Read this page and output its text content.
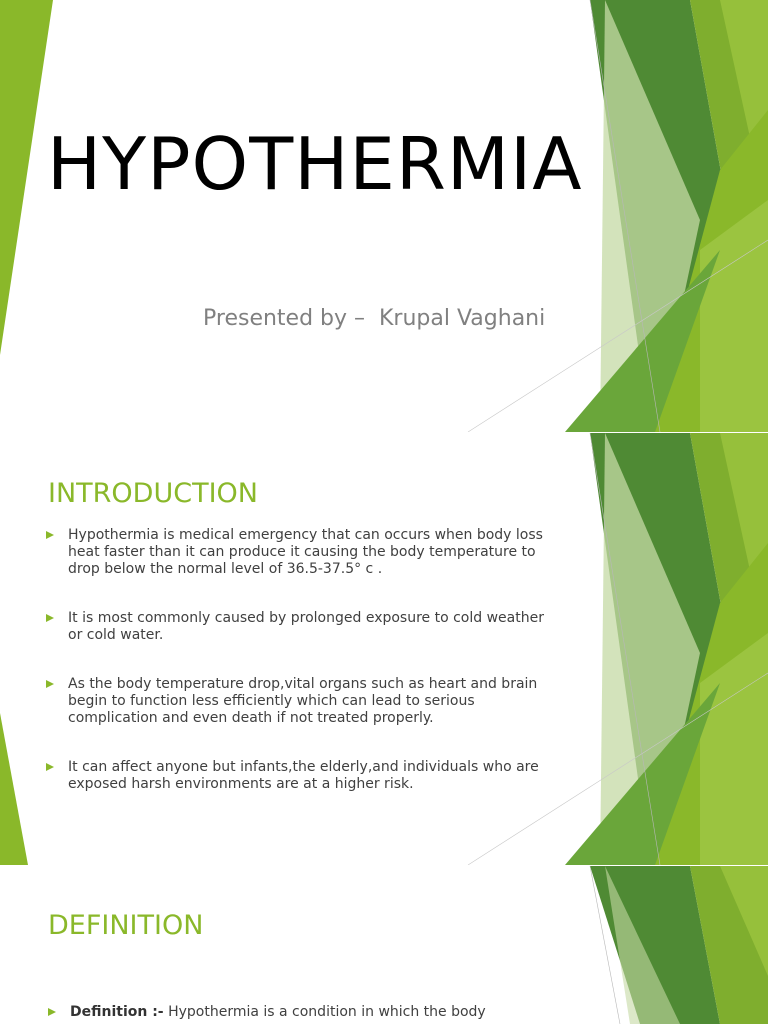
HYPOTHERMIA

Presented by –  Krupal Vaghani

INTRODUCTION
Hypothermia is medical emergency that can occurs when body loss
heat faster than it can produce it causing the body temperature to
drop below the normal level of 36.5-37.5° c .
It is most commonly caused by prolonged exposure to cold weather
or cold water.
As the body temperature drop,vital organs such as heart and brain
begin to function less efficiently which can lead to serious
complication and even death if not treated properly.
It can affect anyone but infants,the elderly,and individuals who are
exposed harsh environments are at a higher risk.
DEFINITION
Definition :- Hypothermia is a condition in which the body
